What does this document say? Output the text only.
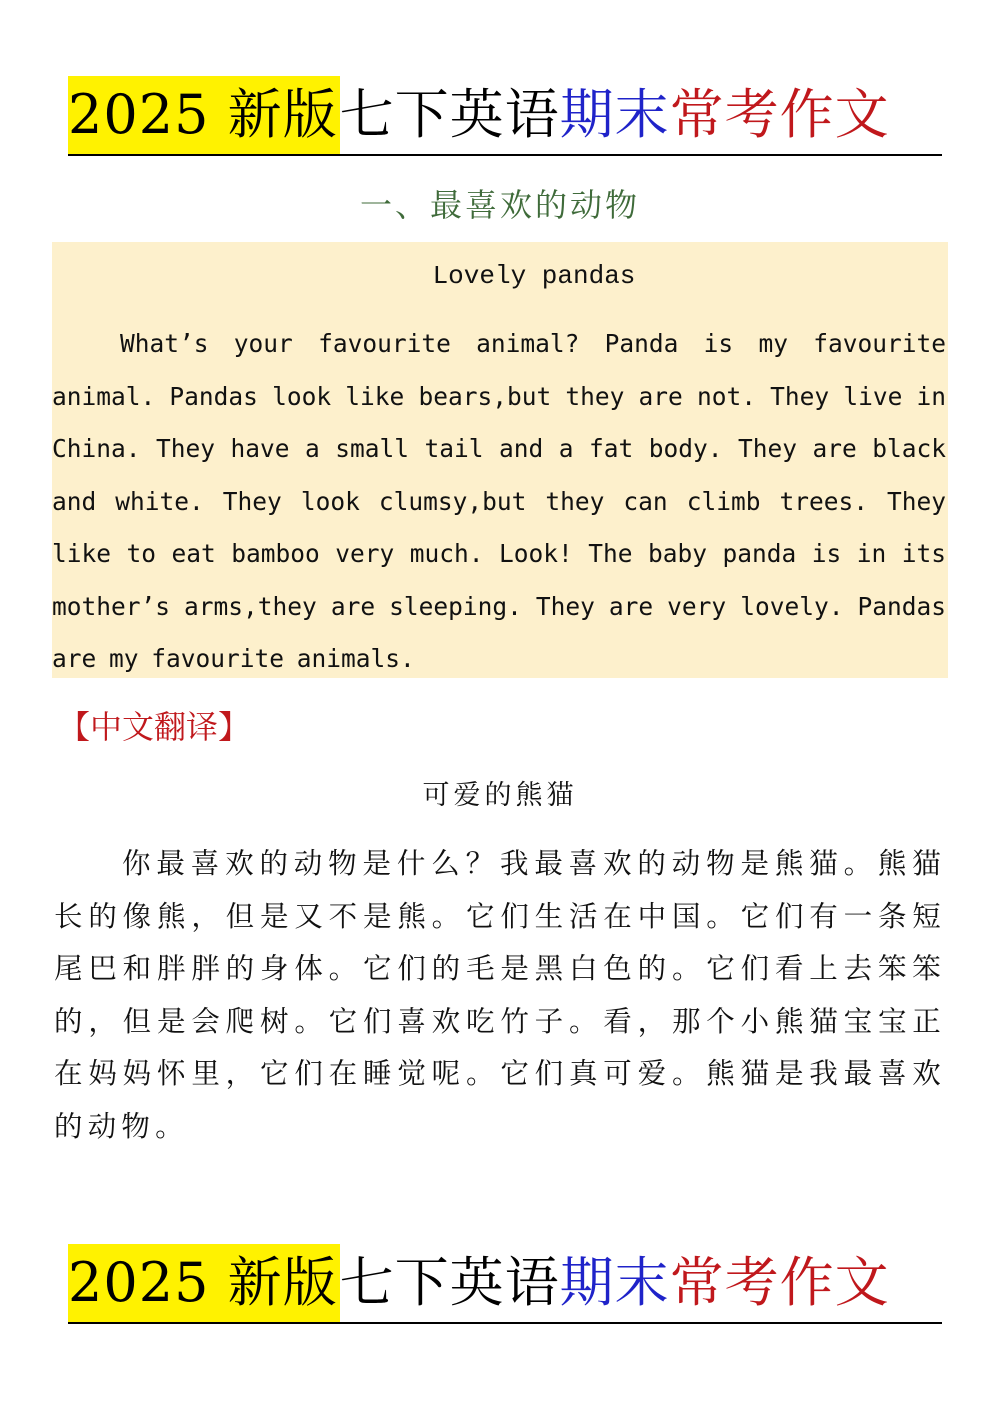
2025 新版七下英语期末常考作文
一、最喜欢的动物
Lovely pandas
What’s your favourite animal? Panda is my favourite animal. Pandas look like bears,but they are not. They live in China. They have a small tail and a fat body. They are black and white. They look clumsy,but they can climb trees. They like to eat bamboo very much. Look! The baby panda is in its mother’s arms,they are sleeping. They are very lovely. Pandas are my favourite animals.
【中文翻译】
可爱的熊猫
你最喜欢的动物是什么？我最喜欢的动物是熊猫。熊猫长的像熊，但是又不是熊。它们生活在中国。它们有一条短尾巴和胖胖的身体。它们的毛是黑白色的。它们看上去笨笨的，但是会爬树。它们喜欢吃竹子。看，那个小熊猫宝宝正在妈妈怀里，它们在睡觉呢。它们真可爱。熊猫是我最喜欢的动物。
2025 新版七下英语期末常考作文
